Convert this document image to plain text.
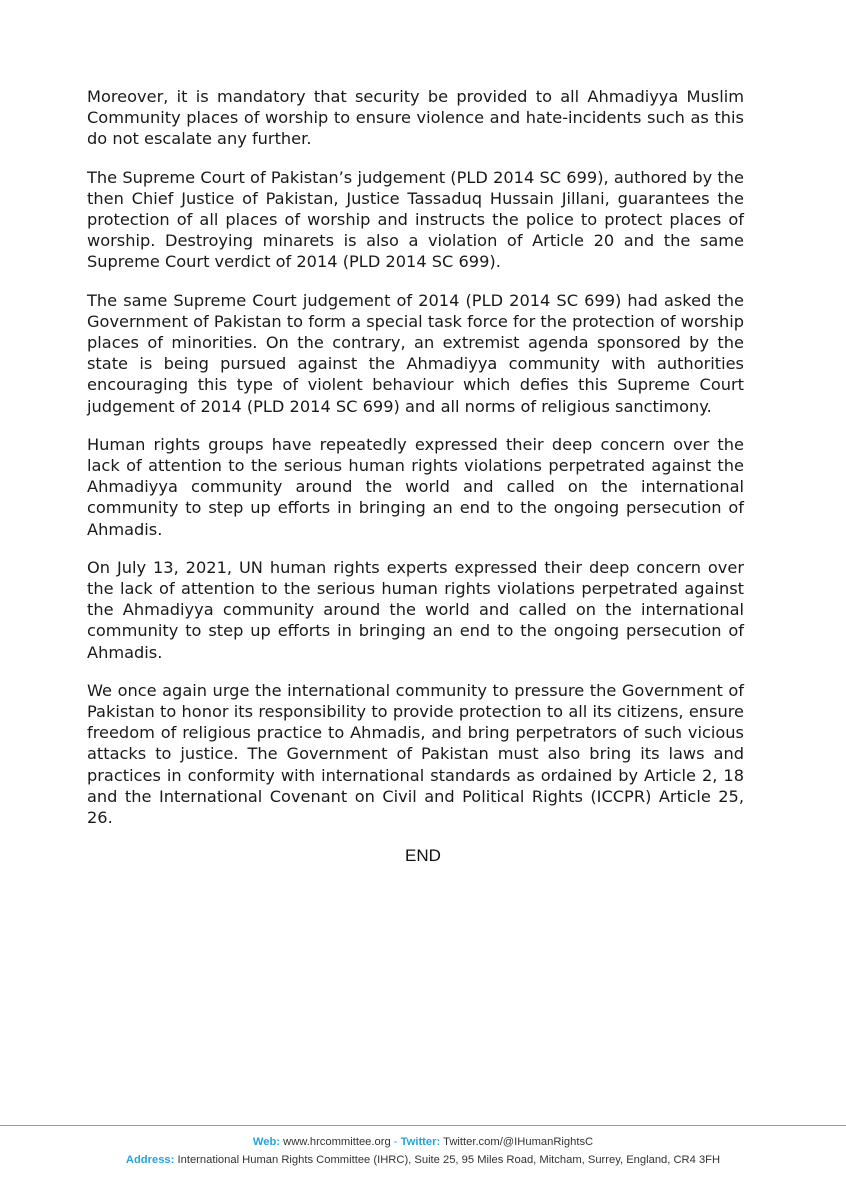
Moreover, it is mandatory that security be provided to all Ahmadiyya Muslim Community places of worship to ensure violence and hate-incidents such as this do not escalate any further.

The Supreme Court of Pakistan’s judgement (PLD 2014 SC 699), authored by the then Chief Justice of Pakistan, Justice Tassaduq Hussain Jillani, guarantees the protection of all places of worship and instructs the police to protect places of worship. Destroying minarets is also a violation of Article 20 and the same Supreme Court verdict of 2014 (PLD 2014 SC 699).

The same Supreme Court judgement of 2014 (PLD 2014 SC 699) had asked the Government of Pakistan to form a special task force for the protection of worship places of minorities. On the contrary, an extremist agenda sponsored by the state is being pursued against the Ahmadiyya community with authorities encouraging this type of violent behaviour which defies this Supreme Court judgement of 2014 (PLD 2014 SC 699) and all norms of religious sanctimony.

Human rights groups have repeatedly expressed their deep concern over the lack of attention to the serious human rights violations perpetrated against the Ahmadiyya community around the world and called on the international community to step up efforts in bringing an end to the ongoing persecution of Ahmadis.

On July 13, 2021, UN human rights experts expressed their deep concern over the lack of attention to the serious human rights violations perpetrated against the Ahmadiyya community around the world and called on the international community to step up efforts in bringing an end to the ongoing persecution of Ahmadis.

We once again urge the international community to pressure the Government of Pakistan to honor its responsibility to provide protection to all its citizens, ensure freedom of religious practice to Ahmadis, and bring perpetrators of such vicious attacks to justice. The Government of Pakistan must also bring its laws and practices in conformity with international standards as ordained by Article 2, 18 and the International Covenant on Civil and Political Rights (ICCPR) Article 25, 26.

END
Web: www.hrcommittee.org - Twitter: Twitter.com/@IHumanRightsC
Address: International Human Rights Committee (IHRC), Suite 25, 95 Miles Road, Mitcham, Surrey, England, CR4 3FH
